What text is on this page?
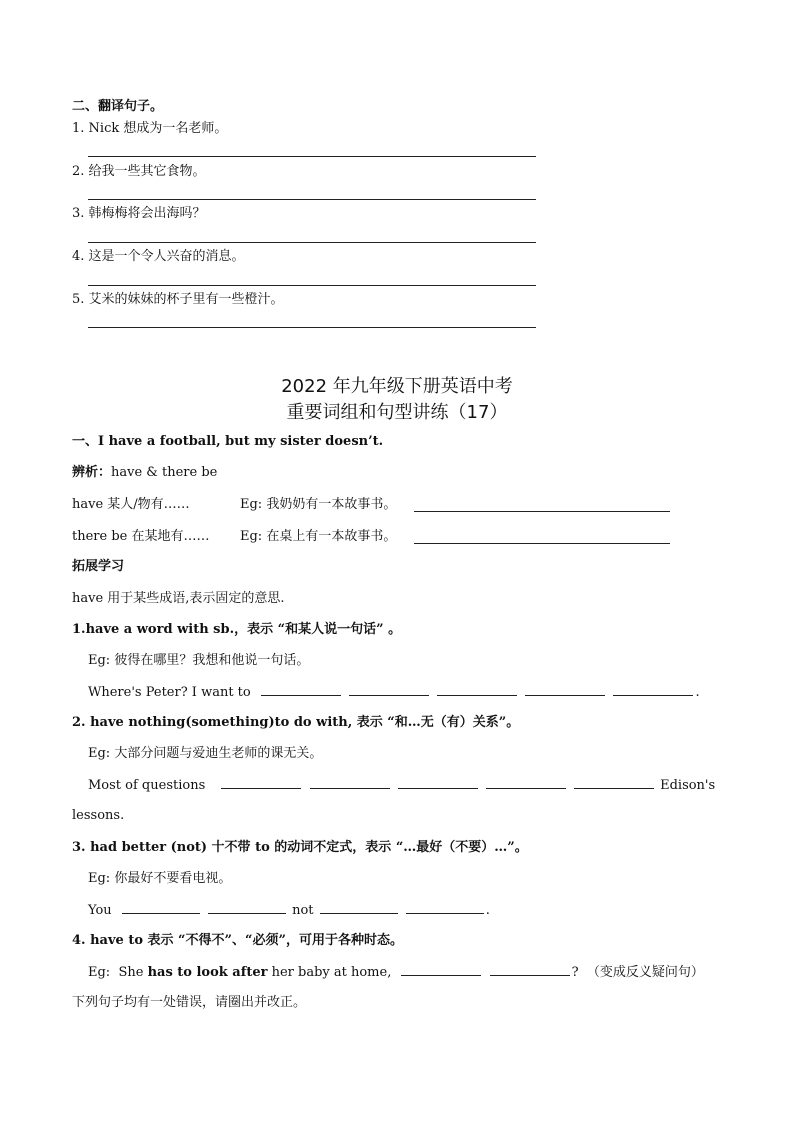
二、翻译句子。
1. Nick 想成为一名老师。
2. 给我一些其它食物。
3. 韩梅梅将会出海吗？
4. 这是一个令人兴奋的消息。
5. 艾米的妹妹的杯子里有一些橙汁。
2022 年九年级下册英语中考
重要词组和句型讲练（17）
一、I have a football, but my sister doesn’t.
辨析：have & there be
have 某人/物有……	Eg: 我奶奶有一本故事书。
there be 在某地有…… Eg: 在桌上有一本故事书。
拓展学习
have 用于某些成语,表示固定的意思.
1.have a word with sb.，表示 “和某人说一句话” 。
Eg: 彼得在哪里？我想和他说一句话。
Where's Peter? I want to	.
2. have nothing(something)to do with, 表示 “和…无（有）关系”。
Eg: 大部分问题与爱迪生老师的课无关。
Most of questions	Edison's
lessons.
3. had better (not) 十不带 to 的动词不定式，表示 “…最好（不要）…”。
Eg: 你最好不要看电视。
You	not	.
4. have to 表示 “不得不”、“必须”，可用于各种时态。
Eg:  She has to look after her baby at home,	?  （变成反义疑问句）
下列句子均有一处错误，请圈出并改正。
